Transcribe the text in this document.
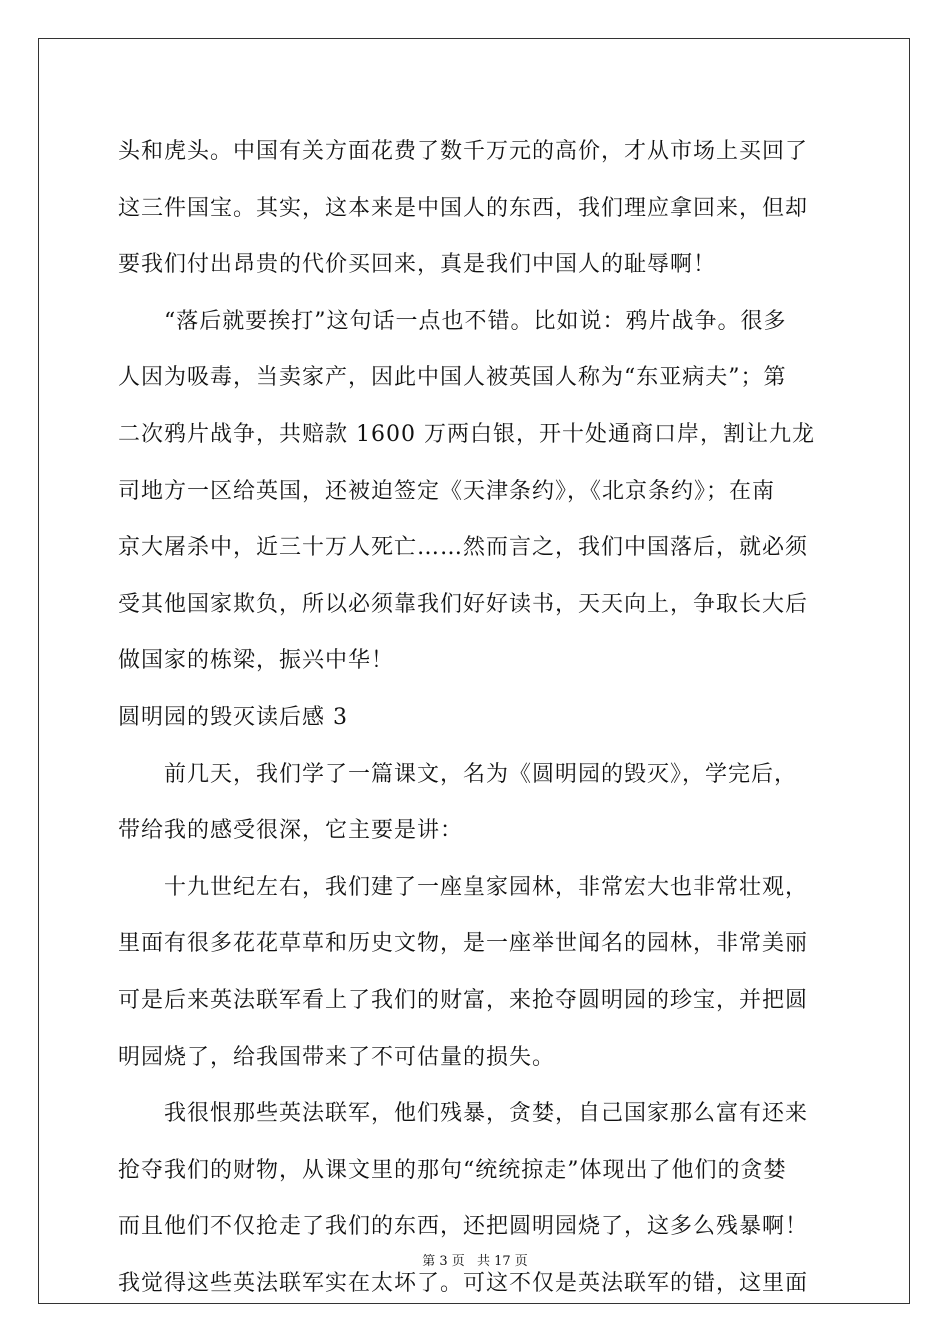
头和虎头。中国有关方面花费了数千万元的高价，才从市场上买回了
这三件国宝。其实，这本来是中国人的东西，我们理应拿回来，但却
要我们付出昂贵的代价买回来，真是我们中国人的耻辱啊！
　　“落后就要挨打”这句话一点也不错。比如说：鸦片战争。很多
人因为吸毒，当卖家产，因此中国人被英国人称为“东亚病夫”；第
二次鸦片战争，共赔款 1600 万两白银，开十处通商口岸，割让九龙
司地方一区给英国，还被迫签定《天津条约》，《北京条约》；在南
京大屠杀中，近三十万人死亡……然而言之，我们中国落后，就必须
受其他国家欺负，所以必须靠我们好好读书，天天向上，争取长大后
做国家的栋梁，振兴中华！
圆明园的毁灭读后感 3
　　前几天，我们学了一篇课文，名为《圆明园的毁灭》，学完后，
带给我的感受很深，它主要是讲：
　　十九世纪左右，我们建了一座皇家园林，非常宏大也非常壮观，
里面有很多花花草草和历史文物，是一座举世闻名的园林，非常美丽
可是后来英法联军看上了我们的财富，来抢夺圆明园的珍宝，并把圆
明园烧了，给我国带来了不可估量的损失。
　　我很恨那些英法联军，他们残暴，贪婪，自己国家那么富有还来
抢夺我们的财物，从课文里的那句“统统掠走”体现出了他们的贪婪
而且他们不仅抢走了我们的东西，还把圆明园烧了，这多么残暴啊！
我觉得这些英法联军实在太坏了。可这不仅是英法联军的错，这里面
第 3 页 共 17 页
